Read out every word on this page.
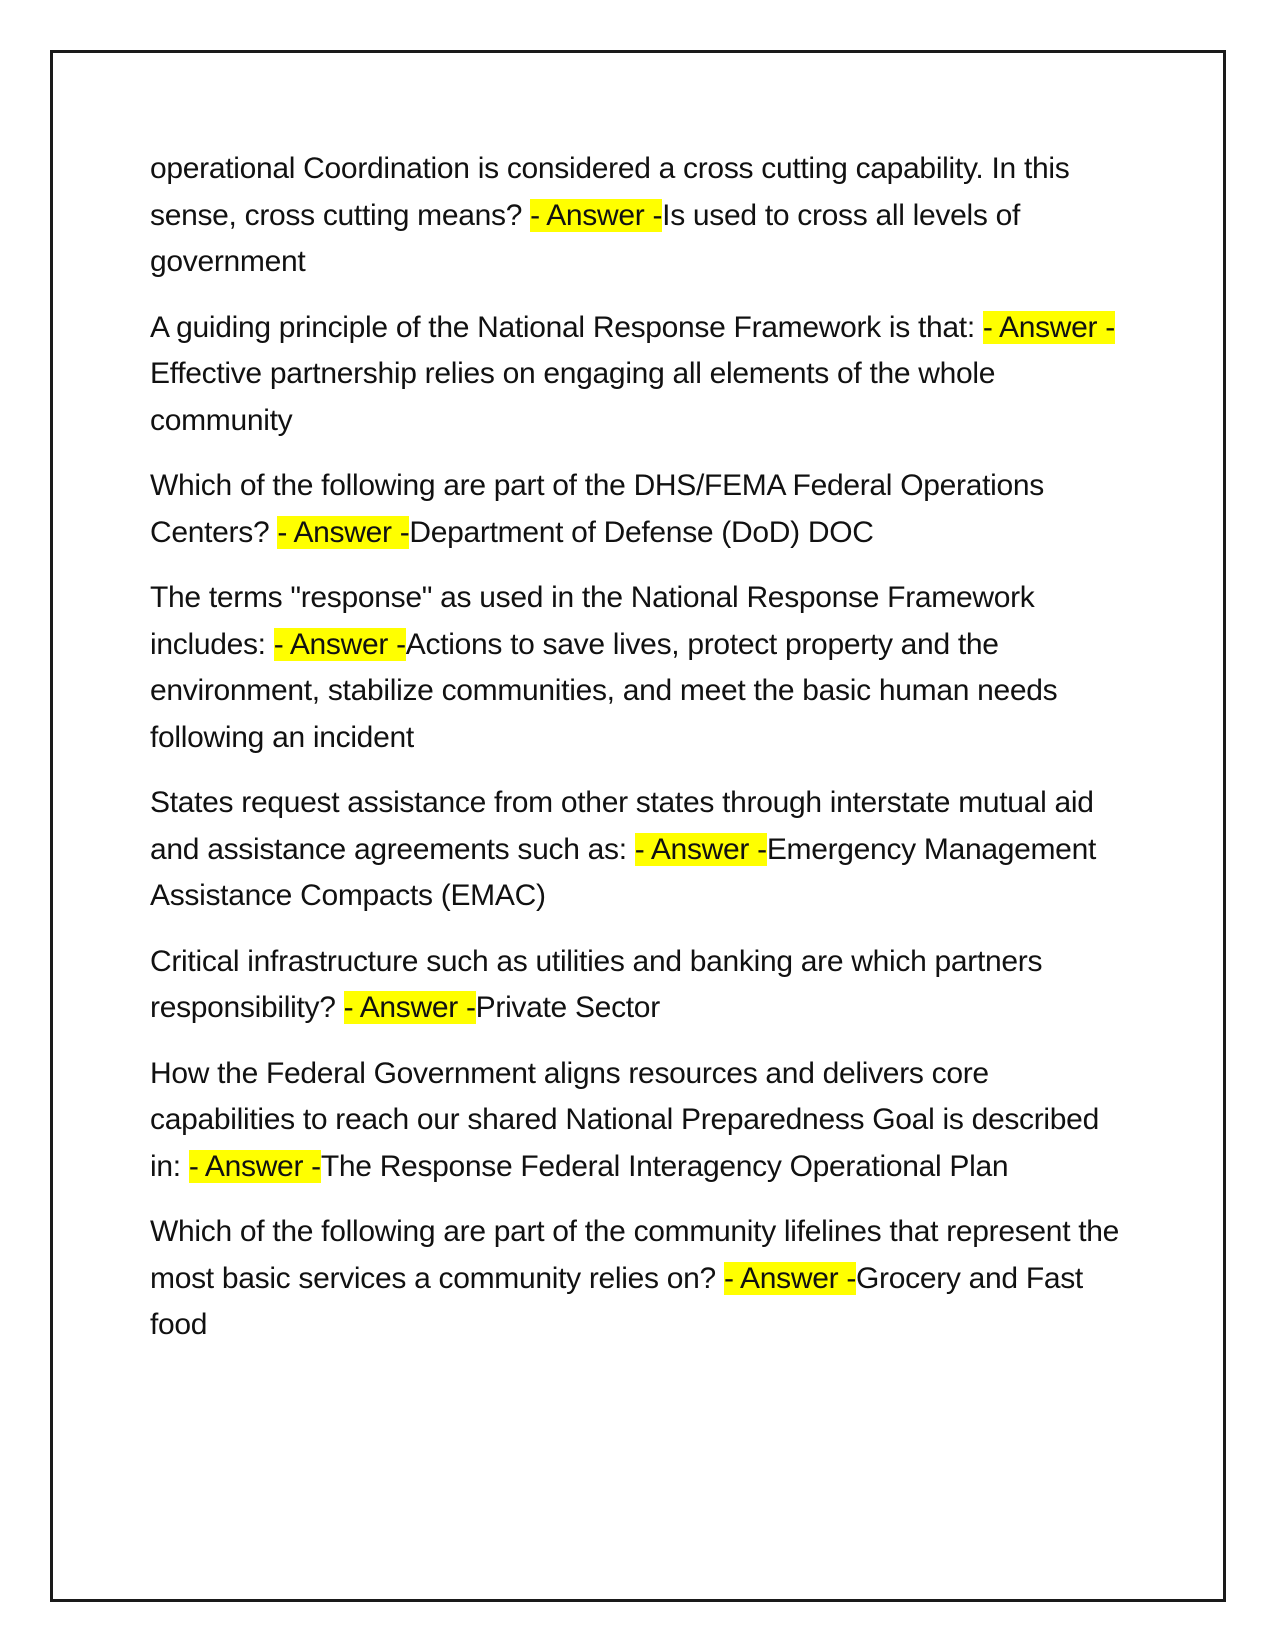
operational Coordination is considered a cross cutting capability. In this sense, cross cutting means? - Answer -Is used to cross all levels of government

A guiding principle of the National Response Framework is that: - Answer -Effective partnership relies on engaging all elements of the whole community

Which of the following are part of the DHS/FEMA Federal Operations Centers? - Answer -Department of Defense (DoD) DOC

The terms "response" as used in the National Response Framework includes: - Answer -Actions to save lives, protect property and the environment, stabilize communities, and meet the basic human needs following an incident

States request assistance from other states through interstate mutual aid and assistance agreements such as: - Answer -Emergency Management Assistance Compacts (EMAC)

Critical infrastructure such as utilities and banking are which partners responsibility? - Answer -Private Sector

How the Federal Government aligns resources and delivers core capabilities to reach our shared National Preparedness Goal is described in: - Answer -The Response Federal Interagency Operational Plan

Which of the following are part of the community lifelines that represent the most basic services a community relies on? - Answer -Grocery and Fast food
